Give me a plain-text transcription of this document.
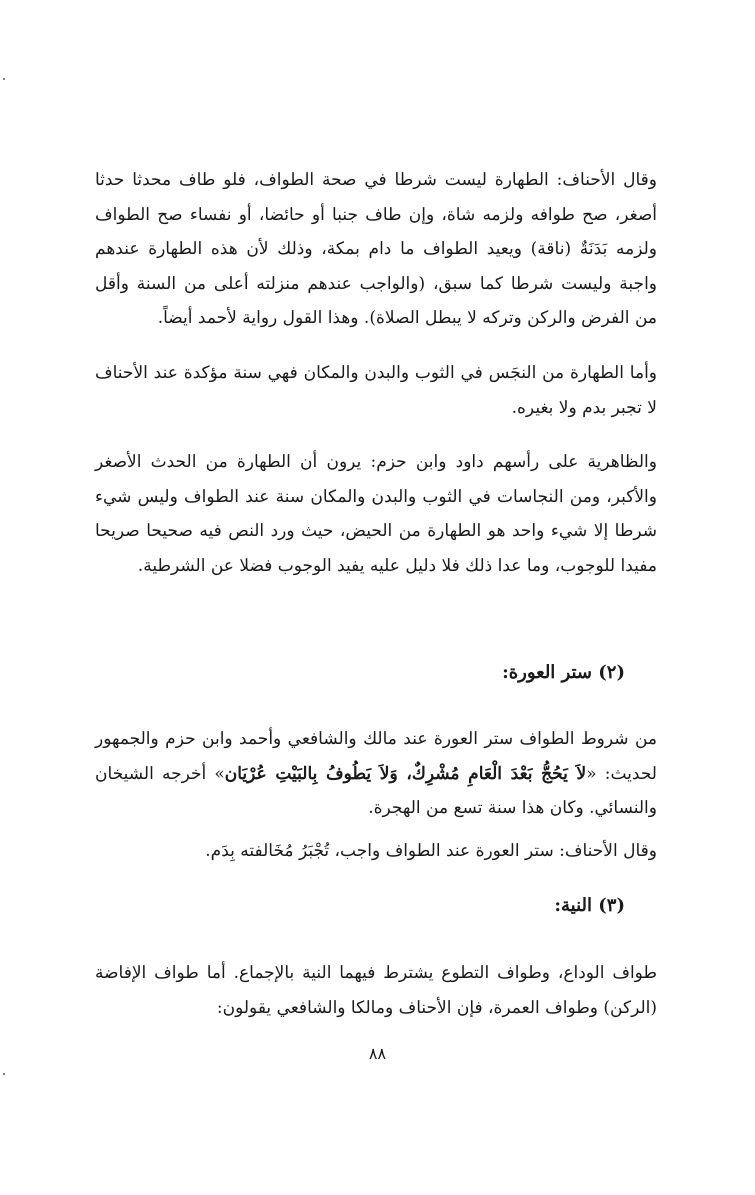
وقال الأحناف: الطهارة ليست شرطا في صحة الطواف، فلو طاف محدثا حدثا أصغر، صح طوافه ولزمه شاة، وإن طاف جنبا أو حائضا، أو نفساء صح الطواف ولزمه بَدَنَةٌ (ناقة) ويعيد الطواف ما دام بمكة، وذلك لأن هذه الطهارة عندهم واجبة وليست شرطا كما سبق، (والواجب عندهم منزلته أعلى من السنة وأقل من الفرض والركن وتركه لا يبطل الصلاة). وهذا القول رواية لأحمد أيضاً.

وأما الطهارة من النجَس في الثوب والبدن والمكان فهي سنة مؤكدة عند الأحناف لا تجبر بدم ولا بغيره.

والظاهرية على رأسهم داود وابن حزم: يرون أن الطهارة من الحدث الأصغر والأكبر، ومن النجاسات في الثوب والبدن والمكان سنة عند الطواف وليس شيء شرطا إلا شيء واحد هو الطهارة من الحيض، حيث ورد النص فيه صحيحا صريحا مفيدا للوجوب، وما عدا ذلك فلا دليل عليه يفيد الوجوب فضلا عن الشرطية.

(٢) ستر العورة:

من شروط الطواف ستر العورة عند مالك والشافعي وأحمد وابن حزم والجمهور لحديث: «لاَ يَحُجُّ بَعْدَ الْعَامِ مُشْرِكٌ، وَلاَ يَطُوفُ بِالبَيْتِ عُرْيَان» أخرجه الشيخان والنسائي. وكان هذا سنة تسع من الهجرة.

وقال الأحناف: ستر العورة عند الطواف واجب، تُجْبَرُ مُخَالفته بِدَم.

(٣) النية:

طواف الوداع، وطواف التطوع يشترط فيهما النية بالإجماع. أما طواف الإفاضة (الركن) وطواف العمرة، فإن الأحناف ومالكا والشافعي يقولون:

٨٨
